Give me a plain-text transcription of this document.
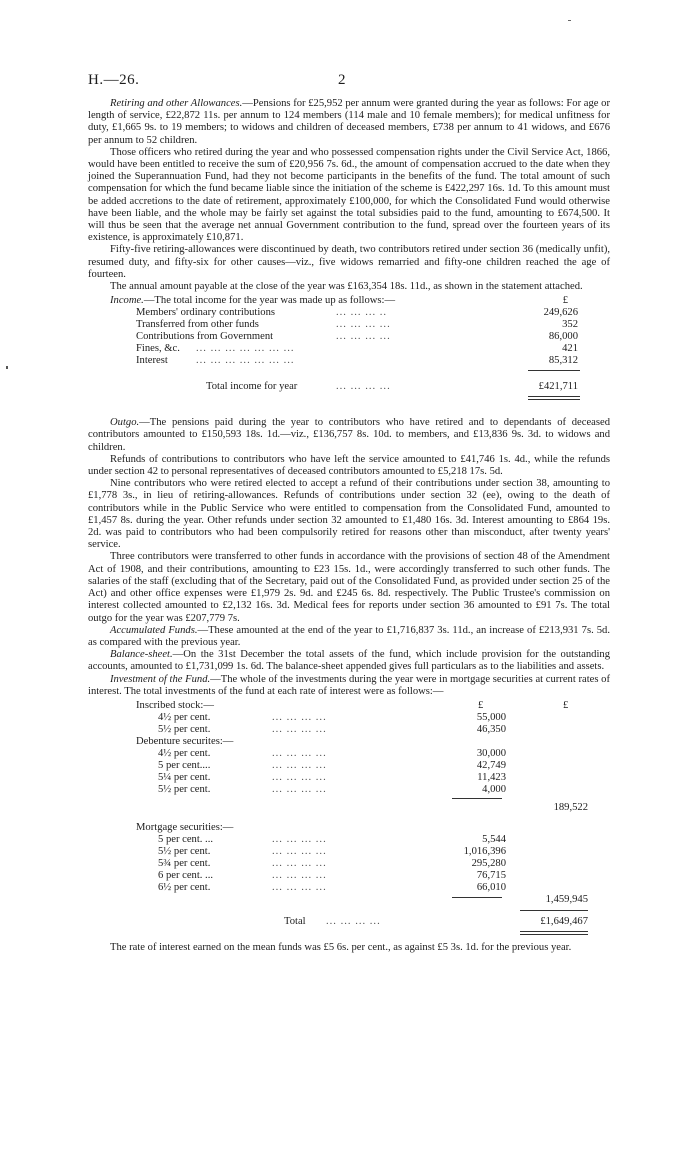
H.—26.	2

Retiring and other Allowances.—Pensions for £25,952 per annum were granted during the year as follows: For age or length of service, £22,872 11s. per annum to 124 members (114 male and 10 female members); for medical unfitness for duty, £1,665 9s. to 19 members; to widows and children of deceased members, £738 per annum to 41 widows, and £676 per annum to 52 children.

Those officers who retired during the year and who possessed compensation rights under the Civil Service Act, 1866, would have been entitled to receive the sum of £20,956 7s. 6d., the amount of compensation accrued to the date when they joined the Superannuation Fund, had they not become participants in the benefits of the fund. The total amount of such compensation for which the fund became liable since the initiation of the scheme is £422,297 16s. 1d. To this amount must be added accretions to the date of retirement, approximately £100,000, for which the Consolidated Fund would otherwise have been liable, and the whole may be fairly set against the total subsidies paid to the fund, amounting to £674,500. It will thus be seen that the average net annual Government contribution to the fund, spread over the fourteen years of its existence, is approximately £10,871.

Fifty-five retiring-allowances were discontinued by death, two contributors retired under section 36 (medically unfit), resumed duty, and fifty-six for other causes—viz., five widows remarried and fifty-one children reached the age of fourteen.

The annual amount payable at the close of the year was £163,354 18s. 11d., as shown in the statement attached.

Income.—The total income for the year was made up as follows:—	£
Members' ordinary contributions	... ... ... ..	249,626
Transferred from other funds	... ... ... ...	352
Contributions from Government	... ... ... ...	86,000
Fines, &c. ... ... ... ... ... ... ...	421
Interest	... ... ... ... ... ... ...	85,312
Total income for year	... ... ... ...	£421,711

Outgo.—The pensions paid during the year to contributors who have retired and to dependants of deceased contributors amounted to £150,593 18s. 1d.—viz., £136,757 8s. 10d. to members, and £13,836 9s. 3d. to widows and children.

Refunds of contributions to contributors who have left the service amounted to £41,746 1s. 4d., while the refunds under section 42 to personal representatives of deceased contributors amounted to £5,218 17s. 5d.

Nine contributors who were retired elected to accept a refund of their contributions under section 38, amounting to £1,778 3s., in lieu of retiring-allowances. Refunds of contributions under section 32 (ee), owing to the death of contributors while in the Public Service who were entitled to compensation from the Consolidated Fund, amounted to £1,457 8s. during the year. Other refunds under section 32 amounted to £1,480 16s. 3d. Interest amounting to £864 19s. 2d. was paid to contributors who had been compulsorily retired for reasons other than misconduct, after twenty years' service.

Three contributors were transferred to other funds in accordance with the provisions of section 48 of the Amendment Act of 1908, and their contributions, amounting to £23 15s. 1d., were accordingly transferred to such other funds. The salaries of the staff (excluding that of the Secretary, paid out of the Consolidated Fund, as provided under section 25 of the Act) and other office expenses were £1,979 2s. 9d. and £245 6s. 8d. respectively. The Public Trustee's commission on interest collected amounted to £2,132 16s. 3d. Medical fees for reports under section 36 amounted to £91 7s. The total outgo for the year was £207,779 7s.

Accumulated Funds.—These amounted at the end of the year to £1,716,837 3s. 11d., an increase of £213,931 7s. 5d. as compared with the previous year.

Balance-sheet.—On the 31st December the total assets of the fund, which include provision for the outstanding accounts, amounted to £1,731,099 1s. 6d. The balance-sheet appended gives full particulars as to the liabilities and assets.

Investment of the Fund.—The whole of the investments during the year were in mortgage securities at current rates of interest. The total investments of the fund at each rate of interest were as follows:—

Inscribed stock:—	£	£
4½ per cent.	... ... ... ...	55,000
5½ per cent.	... ... ... ...	46,350
Debenture securites:—
4½ per cent.	... ... ... ...	30,000
5 per cent....	... ... ... ...	42,749
5¼ per cent.	... ... ... ...	11,423
5½ per cent.	... ... ... ...	4,000
189,522
Mortgage securities:—
5 per cent. ...	... ... ... ...	5,544
5½ per cent.	... ... ... ...	1,016,396
5¾ per cent.	... ... ... ...	295,280
6 per cent. ...	... ... ... ...	76,715
6½ per cent.	... ... ... ...	66,010
1,459,945
Total ... ... ... ...	£1,649,467

The rate of interest earned on the mean funds was £5 6s. per cent., as against £5 3s. 1d. for the previous year.
